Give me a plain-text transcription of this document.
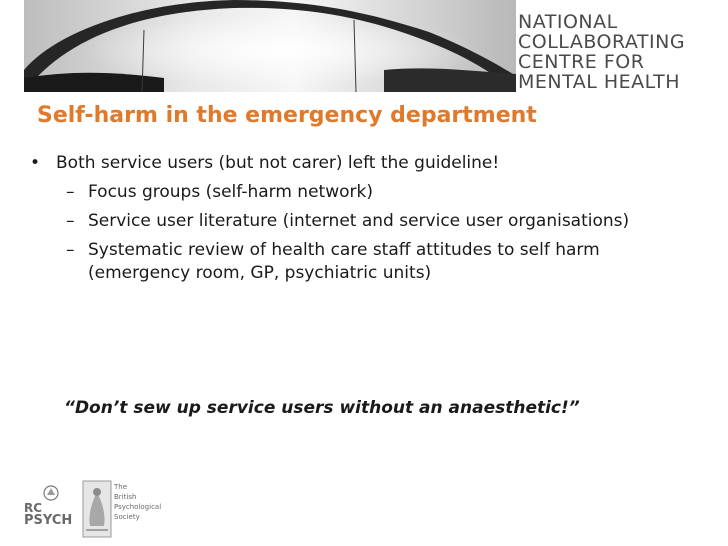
NATIONAL
COLLABORATING
CENTRE FOR
MENTAL HEALTH
Self-harm in the emergency department
• Both service users (but not carer) left the guideline!
– Focus groups (self-harm network)
– Service user literature (internet and service user organisations)
– Systematic review of health care staff attitudes to self harm (emergency room, GP, psychiatric units)
“Don’t sew up service users without an anaesthetic!”
RC
PSYCH
The
British
Psychological
Society
